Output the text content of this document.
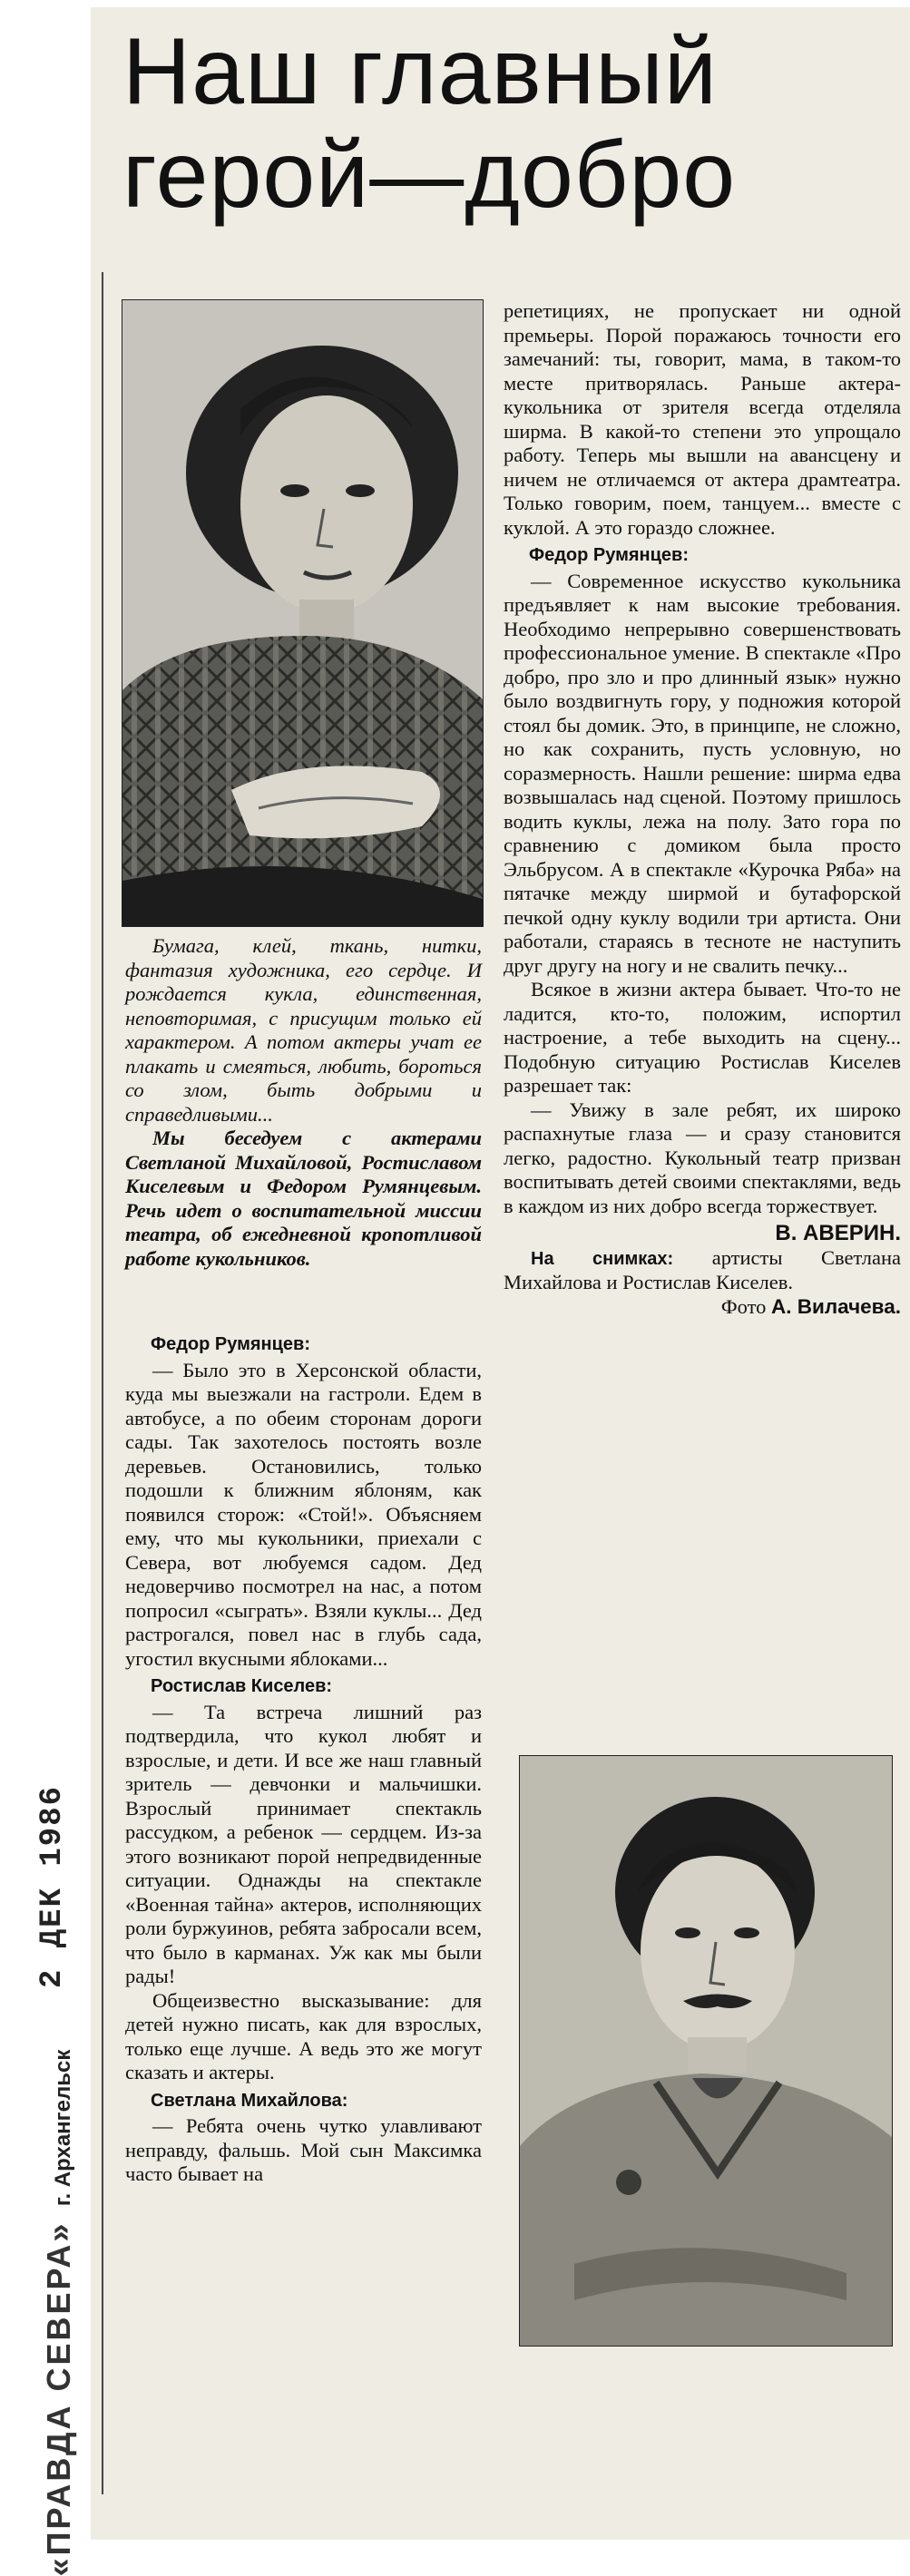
2 ДЕК 1986
«ПРАВДА СЕВЕРА» г. Архангельск
Наш главный
герой—добро

Бумага, клей, ткань, нитки, фантазия художника, его сердце. И рождается кукла, единственная, неповторимая, с присущим только ей характером. А потом актеры учат ее плакать и смеяться, любить, бороться со злом, быть добрыми и справедливыми...

Мы беседуем с актерами Светланой Михайловой, Ростиславом Киселевым и Федором Румянцевым. Речь идет о воспитательной миссии театра, об ежедневной кропотливой работе кукольников.

Федор Румянцев:

— Было это в Херсонской области, куда мы выезжали на гастроли. Едем в автобусе, а по обеим сторонам дороги сады. Так захотелось постоять возле деревьев. Остановились, только подошли к ближним яблоням, как появился сторож: «Стой!». Объясняем ему, что мы кукольники, приехали с Севера, вот любуемся садом. Дед недоверчиво посмотрел на нас, а потом попросил «сыграть». Взяли куклы... Дед растрогался, повел нас в глубь сада, угостил вкусными яблоками...

Ростислав Киселев:

— Та встреча лишний раз подтвердила, что кукол любят и взрослые, и дети. И все же наш главный зритель — девчонки и мальчишки. Взрослый принимает спектакль рассудком, а ребенок — сердцем. Из-за этого возникают порой непредвиденные ситуации. Однажды на спектакле «Военная тайна» актеров, исполняющих роли буржуинов, ребята забросали всем, что было в карманах. Уж как мы были рады!

Общеизвестно высказывание: для детей нужно писать, как для взрослых, только еще лучше. А ведь это же могут сказать и актеры.

Светлана Михайлова:

— Ребята очень чутко улавливают неправду, фальшь. Мой сын Максимка часто бывает на

репетициях, не пропускает ни одной премьеры. Порой поражаюсь точности его замечаний: ты, говорит, мама, в таком-то месте притворялась. Раньше актера-кукольника от зрителя всегда отделяла ширма. В какой-то степени это упрощало работу. Теперь мы вышли на авансцену и ничем не отличаемся от актера драмтеатра. Только говорим, поем, танцуем... вместе с куклой. А это гораздо сложнее.

Федор Румянцев:

— Современное искусство кукольника предъявляет к нам высокие требования. Необходимо непрерывно совершенствовать профессиональное умение. В спектакле «Про добро, про зло и про длинный язык» нужно было воздвигнуть гору, у подножия которой стоял бы домик. Это, в принципе, не сложно, но как сохранить, пусть условную, но соразмерность. Нашли решение: ширма едва возвышалась над сценой. Поэтому пришлось водить куклы, лежа на полу. Зато гора по сравнению с домиком была просто Эльбрусом. А в спектакле «Курочка Ряба» на пятачке между ширмой и бутафорской печкой одну куклу водили три артиста. Они работали, стараясь в тесноте не наступить друг другу на ногу и не свалить печку...

Всякое в жизни актера бывает. Что-то не ладится, кто-то, положим, испортил настроение, а тебе выходить на сцену... Подобную ситуацию Ростислав Киселев разрешает так:

— Увижу в зале ребят, их широко распахнутые глаза — и сразу становится легко, радостно. Кукольный театр призван воспитывать детей своими спектаклями, ведь в каждом из них добро всегда торжествует.

В. АВЕРИН.

На снимках: артисты Светлана Михайлова и Ростислав Киселев.

Фото А. Вилачева.
